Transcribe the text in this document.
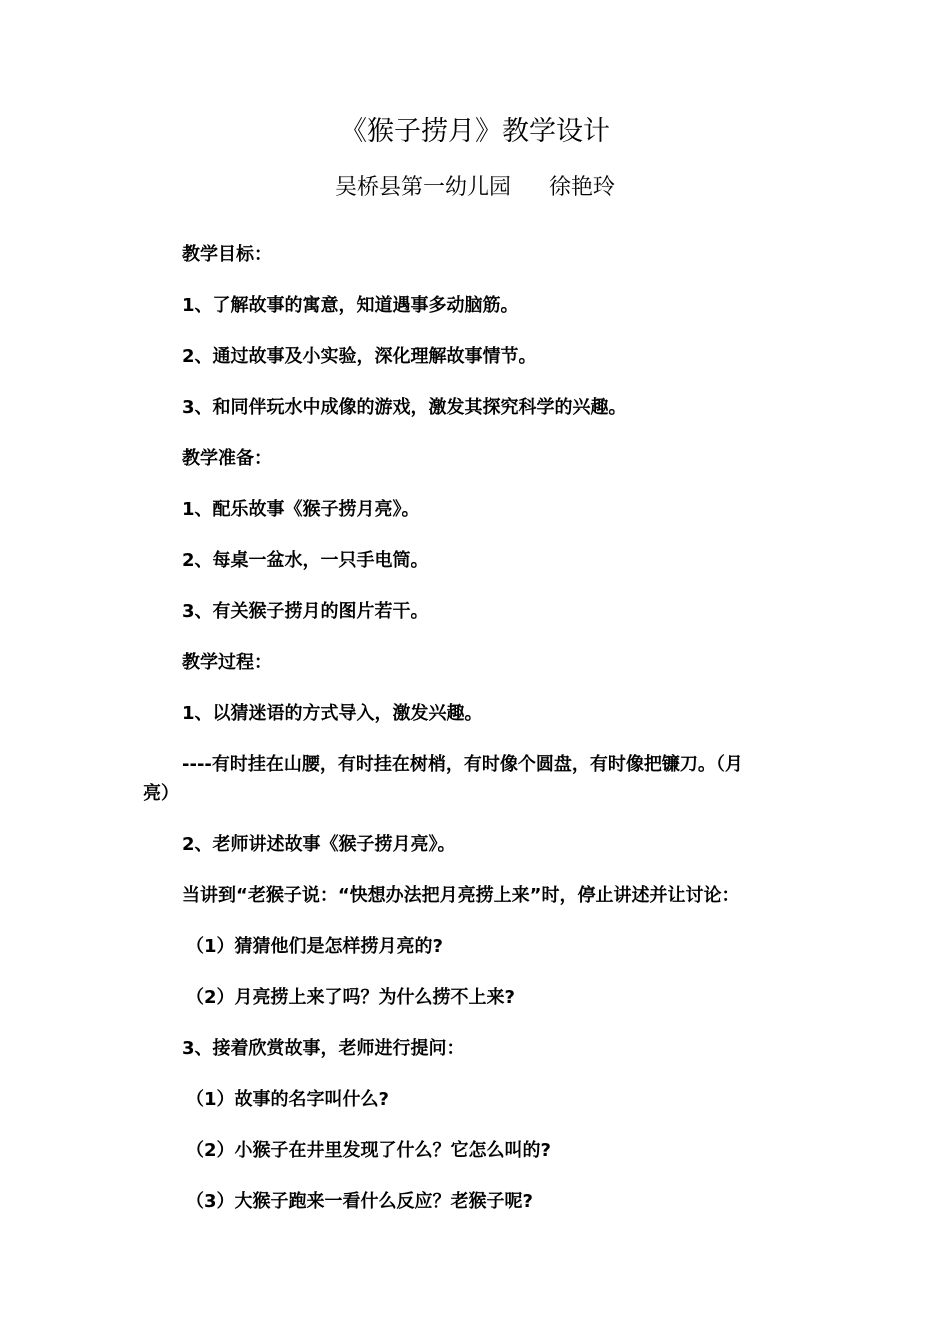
《猴子捞月》教学设计
吴桥县第一幼儿园 徐艳玲
教学目标：
1、了解故事的寓意，知道遇事多动脑筋。
2、通过故事及小实验，深化理解故事情节。
3、和同伴玩水中成像的游戏，激发其探究科学的兴趣。
教学准备：
1、配乐故事《猴子捞月亮》。
2、每桌一盆水，一只手电筒。
3、有关猴子捞月的图片若干。
教学过程：
1、以猜迷语的方式导入，激发兴趣。
----有时挂在山腰，有时挂在树梢，有时像个圆盘，有时像把镰刀。（月
亮）
2、老师讲述故事《猴子捞月亮》。
当讲到“老猴子说：“快想办法把月亮捞上来”时，停止讲述并让讨论：
（1）猜猜他们是怎样捞月亮的?
（2）月亮捞上来了吗？为什么捞不上来?
3、接着欣赏故事，老师进行提问：
（1）故事的名字叫什么?
（2）小猴子在井里发现了什么？它怎么叫的?
（3）大猴子跑来一看什么反应？老猴子呢?
